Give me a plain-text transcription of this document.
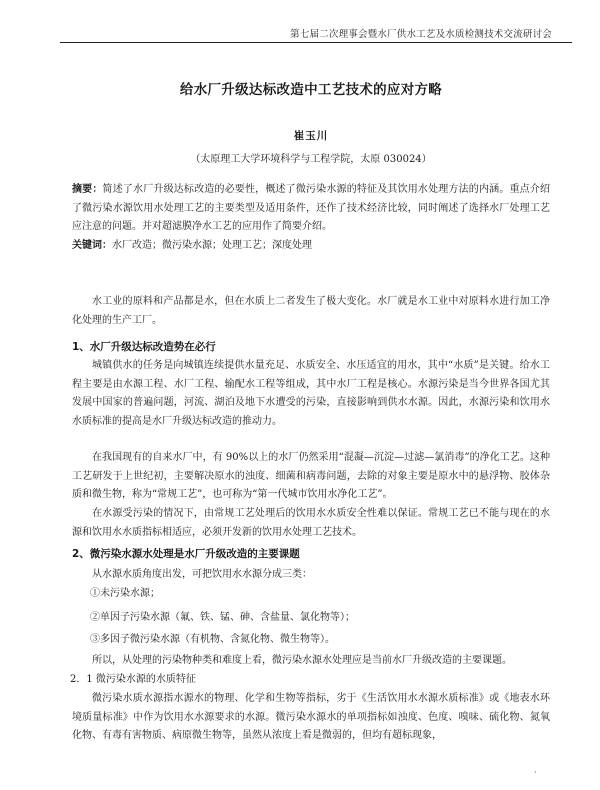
第七届二次理事会暨水厂供水工艺及水质检测技术交流研讨会
给水厂升级达标改造中工艺技术的应对方略
崔玉川
（太原理工大学环境科学与工程学院，太原 030024）
摘要：简述了水厂升级达标改造的必要性，概述了微污染水源的特征及其饮用水处理方法的内涵。重点介绍了微污染水源饮用水处理工艺的主要类型及适用条件，还作了技术经济比较，同时阐述了选择水厂处理工艺应注意的问题。并对超滤膜净水工艺的应用作了简要介绍。
关键词：水厂改造；微污染水源；处理工艺；深度处理
水工业的原料和产品都是水，但在水质上二者发生了极大变化。水厂就是水工业中对原料水进行加工净化处理的生产工厂。
1、水厂升级达标改造势在必行
城镇供水的任务是向城镇连续提供水量充足、水质安全、水压适宜的用水，其中“水质”是关键。给水工程主要是由水源工程、水厂工程、输配水工程等组成，其中水厂工程是核心。水源污染是当今世界各国尤其发展中国家的普遍问题，河流、湖泊及地下水遭受的污染，直接影响到供水水源。因此，水源污染和饮用水水质标准的提高是水厂升级达标改造的推动力。
在我国现有的自来水厂中，有 90%以上的水厂仍然采用“混凝—沉淀—过滤—氯消毒”的净化工艺。这种工艺研发于上世纪初，主要解决原水的浊度、细菌和病毒问题，去除的对象主要是原水中的悬浮物、胶体杂质和微生物，称为“常规工艺”，也可称为“第一代城市饮用水净化工艺”。
在水源受污染的情况下，由常规工艺处理后的饮用水水质安全性难以保证。常规工艺已不能与现在的水源和饮用水水质指标相适应，必须开发新的饮用水处理工艺技术。
2、微污染水源水处理是水厂升级改造的主要课题
从水源水质角度出发，可把饮用水水源分成三类：
①未污染水源；
②单因子污染水源（氟、铁、锰、砷、含盐量、氯化物等）；
③多因子微污染水源（有机物、含氮化物、微生物等）。
所以，从处理的污染物种类和难度上看，微污染水源水处理应是当前水厂升级改造的主要课题。
2．1 微污染水源的水质特征
微污染水质水源指水源水的物理、化学和生物等指标，劣于《生活饮用水水源水质标准》或《地表水环境质量标准》中作为饮用水水源要求的水源。微污染水源水的单项指标如浊度、色度、嗅味、硫化物、氮氧化物、有毒有害物质、病原微生物等，虽然从浓度上看是微弱的，但均有超标现象，
·
